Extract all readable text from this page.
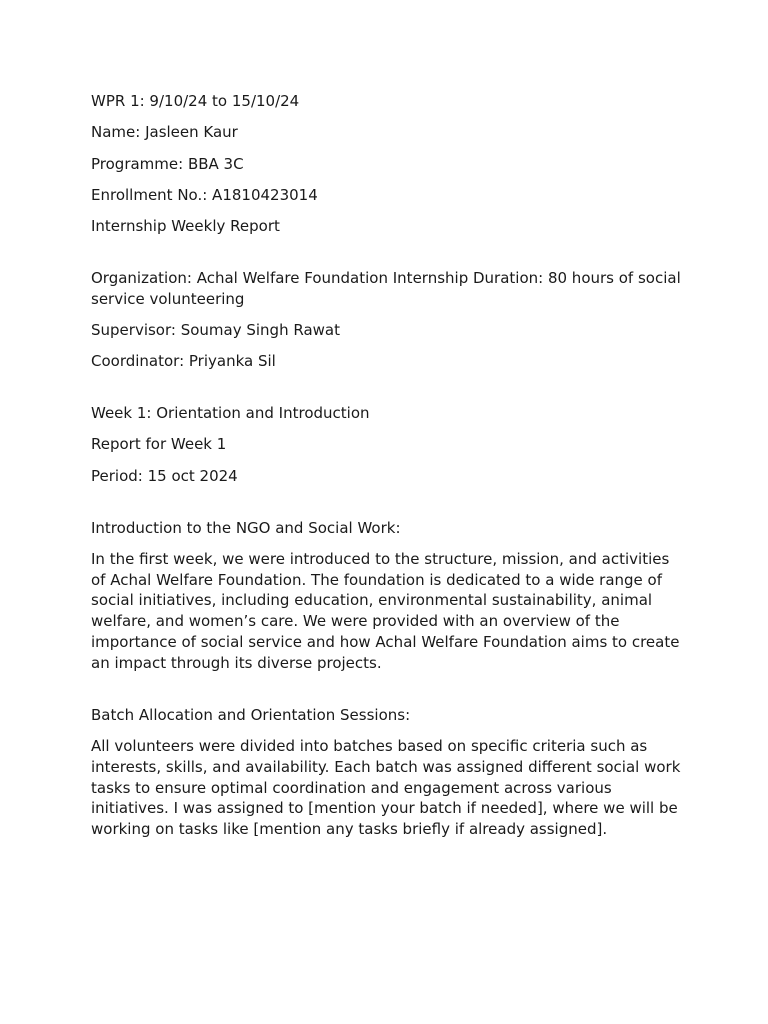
WPR 1: 9/10/24 to 15/10/24

Name: Jasleen Kaur

Programme: BBA 3C

Enrollment No.: A1810423014

Internship Weekly Report

Organization: Achal Welfare Foundation Internship Duration: 80 hours of social service volunteering

Supervisor: Soumay Singh Rawat

Coordinator: Priyanka Sil

Week 1: Orientation and Introduction

Report for Week 1

Period: 15 oct 2024

Introduction to the NGO and Social Work:

In the first week, we were introduced to the structure, mission, and activities of Achal Welfare Foundation. The foundation is dedicated to a wide range of social initiatives, including education, environmental sustainability, animal welfare, and women’s care. We were provided with an overview of the importance of social service and how Achal Welfare Foundation aims to create an impact through its diverse projects.

Batch Allocation and Orientation Sessions:

All volunteers were divided into batches based on specific criteria such as interests, skills, and availability. Each batch was assigned different social work tasks to ensure optimal coordination and engagement across various initiatives. I was assigned to [mention your batch if needed], where we will be working on tasks like [mention any tasks briefly if already assigned].
